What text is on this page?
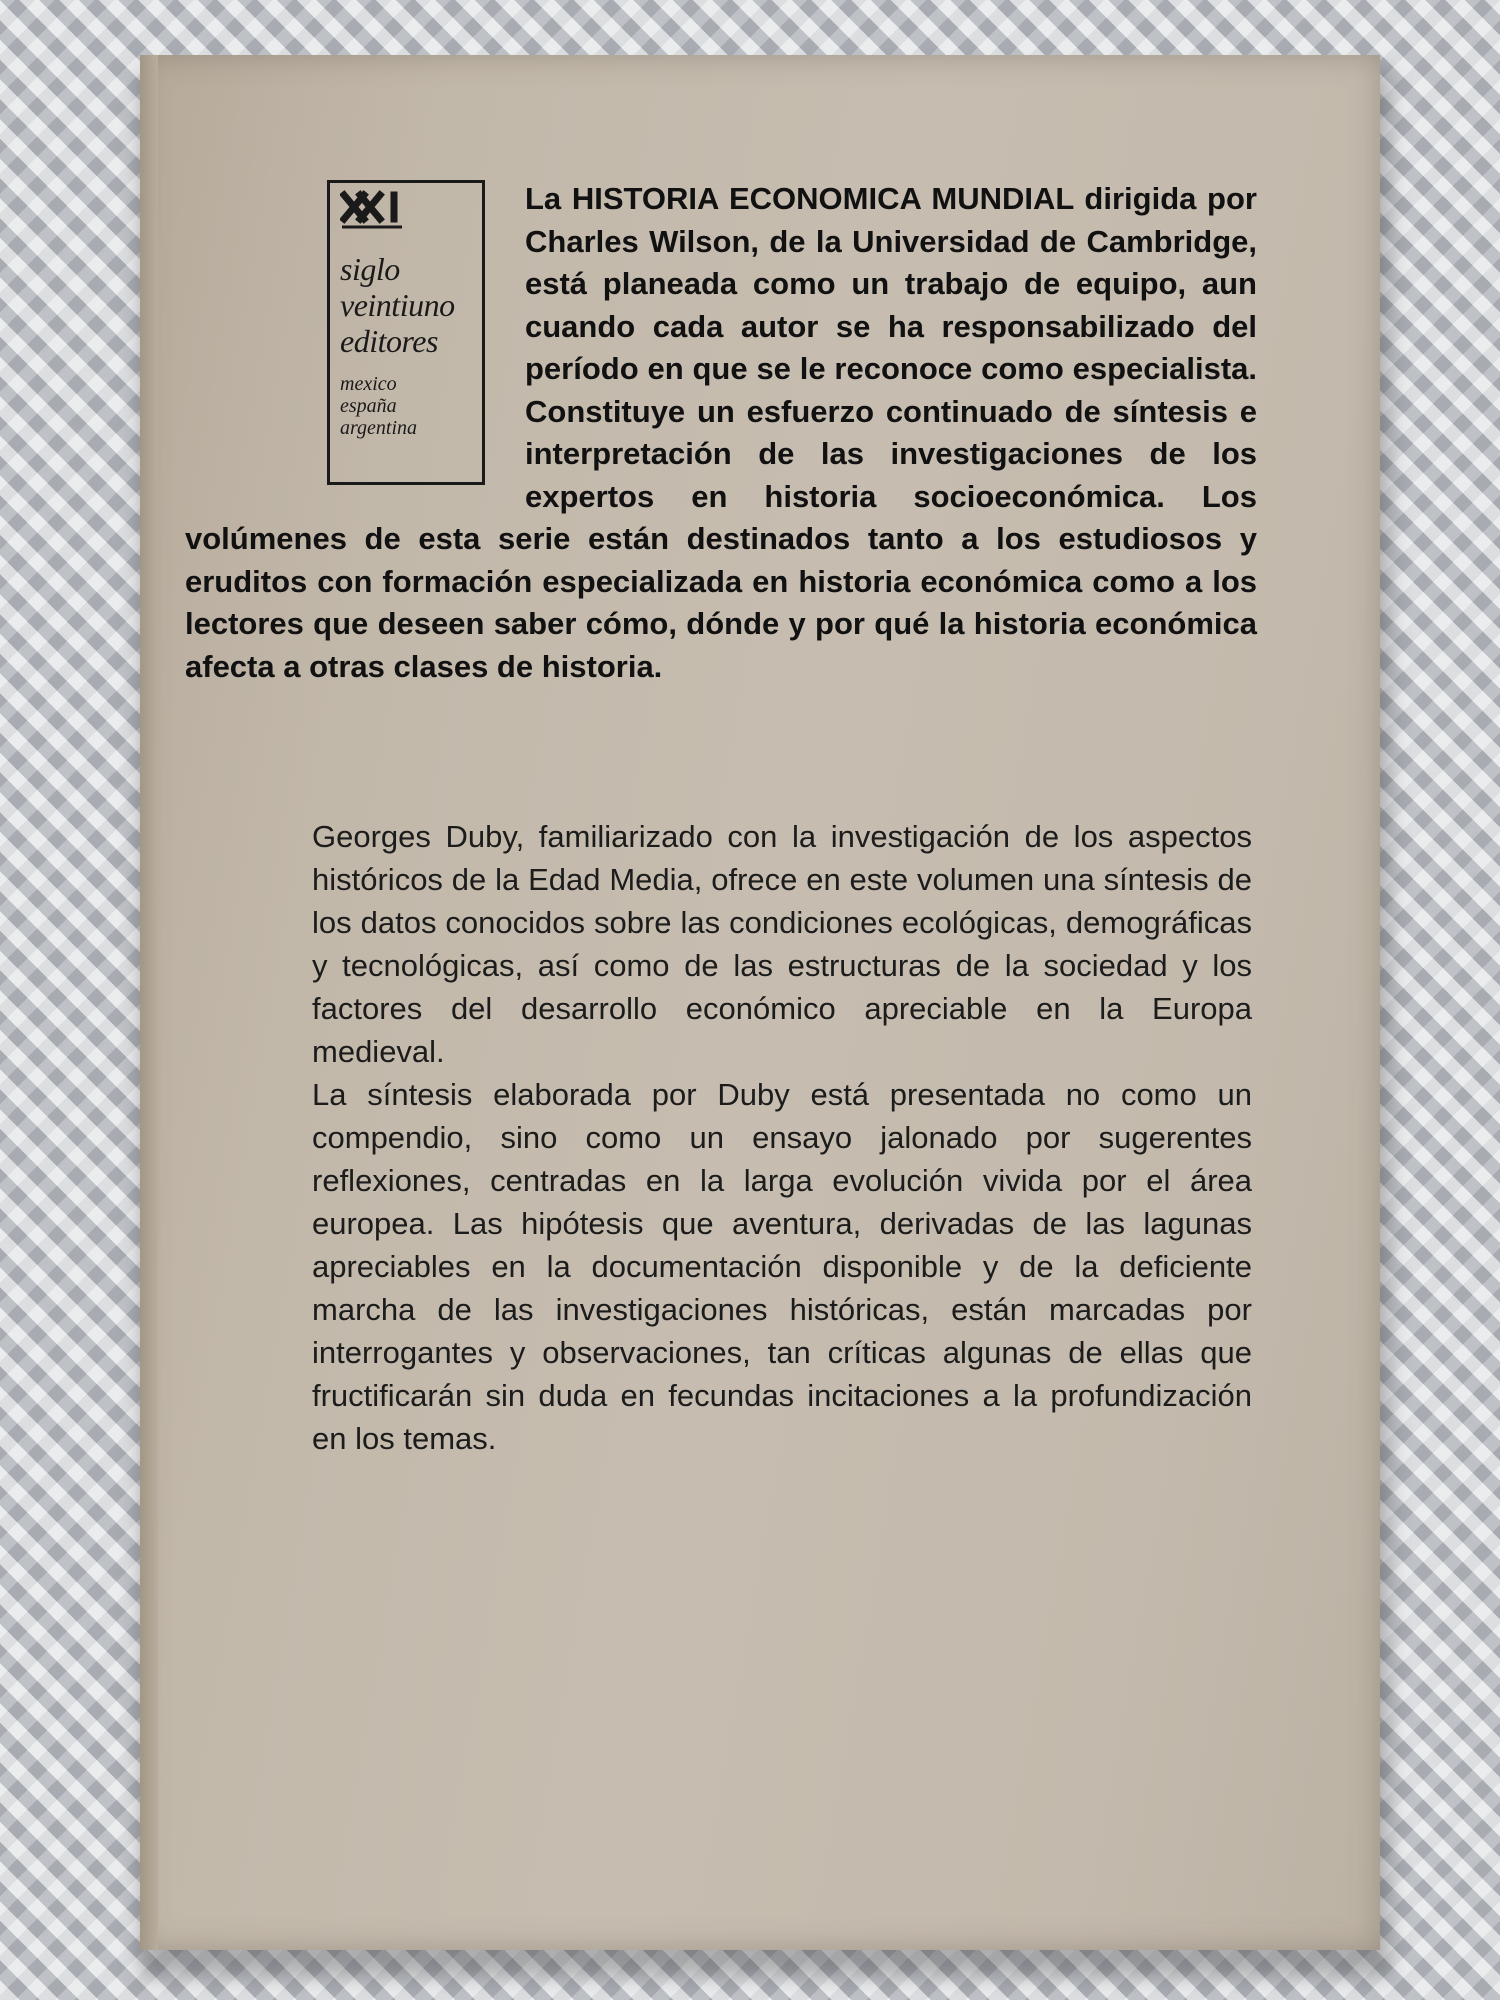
siglo
veintiuno
editores
mexico
españa
argentina

La HISTORIA ECONOMICA MUNDIAL dirigida por Charles Wilson, de la Universidad de Cambridge, está planeada como un trabajo de equipo, aun cuando cada autor se ha responsabilizado del período en que se le reconoce como especialista. Constituye un esfuerzo continuado de síntesis e interpretación de las investigaciones de los expertos en historia socioeconómica. Los volúmenes de esta serie están destinados tanto a los estudiosos y eruditos con formación especializada en historia económica como a los lectores que deseen saber cómo, dónde y por qué la historia económica afecta a otras clases de historia.

Georges Duby, familiarizado con la investigación de los aspectos históricos de la Edad Media, ofrece en este volumen una síntesis de los datos conocidos sobre las condiciones ecológicas, demográficas y tecnológicas, así como de las estructuras de la sociedad y los factores del desarrollo económico apreciable en la Europa medieval.

La síntesis elaborada por Duby está presentada no como un compendio, sino como un ensayo jalonado por sugerentes reflexiones, centradas en la larga evolución vivida por el área europea. Las hipótesis que aventura, derivadas de las lagunas apreciables en la documentación disponible y de la deficiente marcha de las investigaciones históricas, están marcadas por interrogantes y observaciones, tan críticas algunas de ellas que fructificarán sin duda en fecundas incitaciones a la profundización en los temas.
